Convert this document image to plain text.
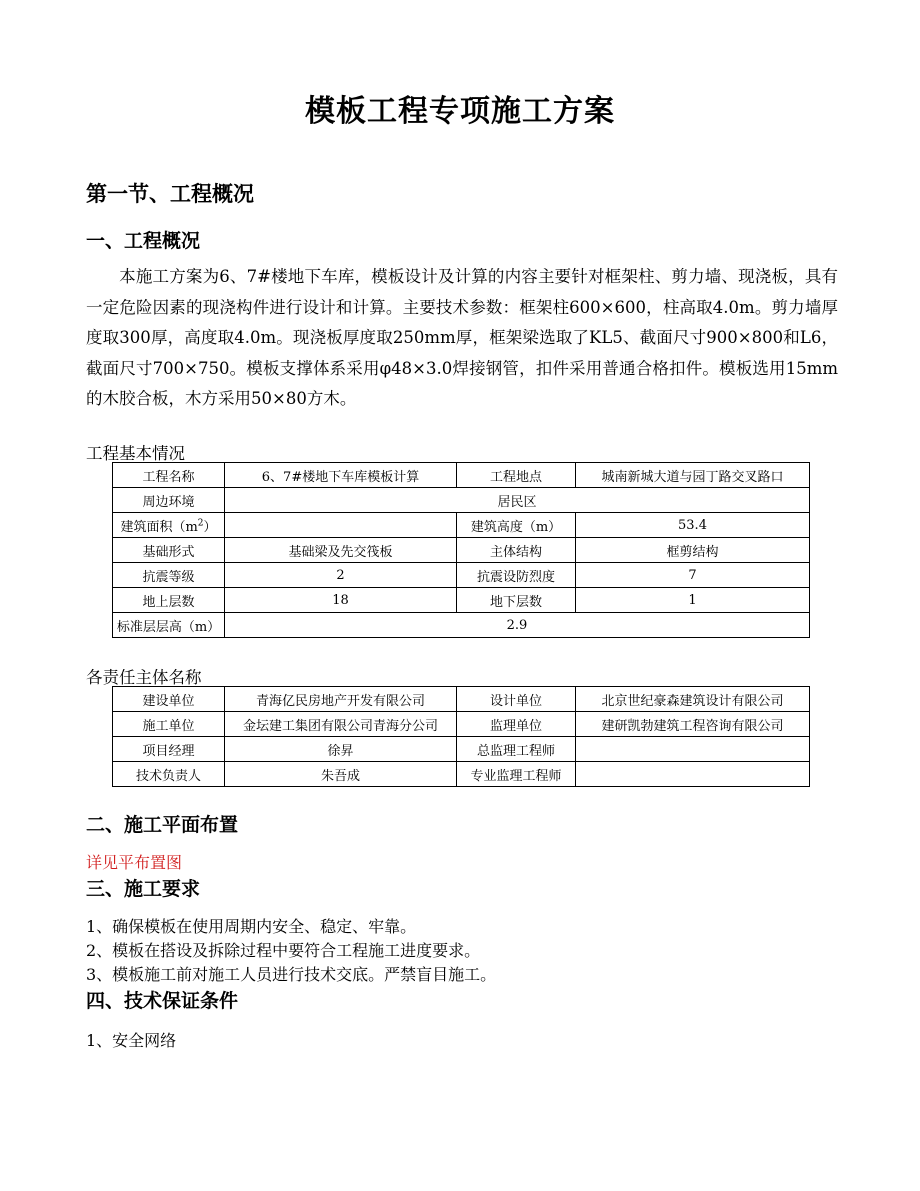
模板工程专项施工方案
第一节、工程概况
一、工程概况
本施工方案为6、7#楼地下车库，模板设计及计算的内容主要针对框架柱、剪力墙、现浇板，具有一定危险因素的现浇构件进行设计和计算。主要技术参数：框架柱600×600，柱高取4.0m。剪力墙厚度取300厚，高度取4.0m。现浇板厚度取250mm厚，框架梁选取了KL5、截面尺寸900×800和L6，截面尺寸700×750。模板支撑体系采用φ48×3.0焊接钢管，扣件采用普通合格扣件。模板选用15mm的木胶合板，木方采用50×80方木。
工程基本情况
工程名称	6、7#楼地下车库模板计算	工程地点	城南新城大道与园丁路交叉路口
周边环境	居民区		
建筑面积$(m^2)$		建筑高度（m）	53.4
基础形式	基础梁及先交筏板	主体结构	框剪结构
抗震等级	2	抗震设防烈度	7
地上层数	18	地下层数	1
标准层层高（m）	2.9		
各责任主体名称
建设单位	青海亿民房地产开发有限公司	设计单位	北京世纪豪森建筑设计有限公司
施工单位	金坛建工集团有限公司青海分公司	监理单位	建研凯勃建筑工程咨询有限公司
项目经理	徐昇	总监理工程师	
技术负责人	朱吾成	专业监理工程师	
二、施工平面布置
详见平布置图
三、施工要求
1、确保模板在使用周期内安全、稳定、牢靠。
2、模板在搭设及拆除过程中要符合工程施工进度要求。
3、模板施工前对施工人员进行技术交底。严禁盲目施工。
四、技术保证条件
1、安全网络
